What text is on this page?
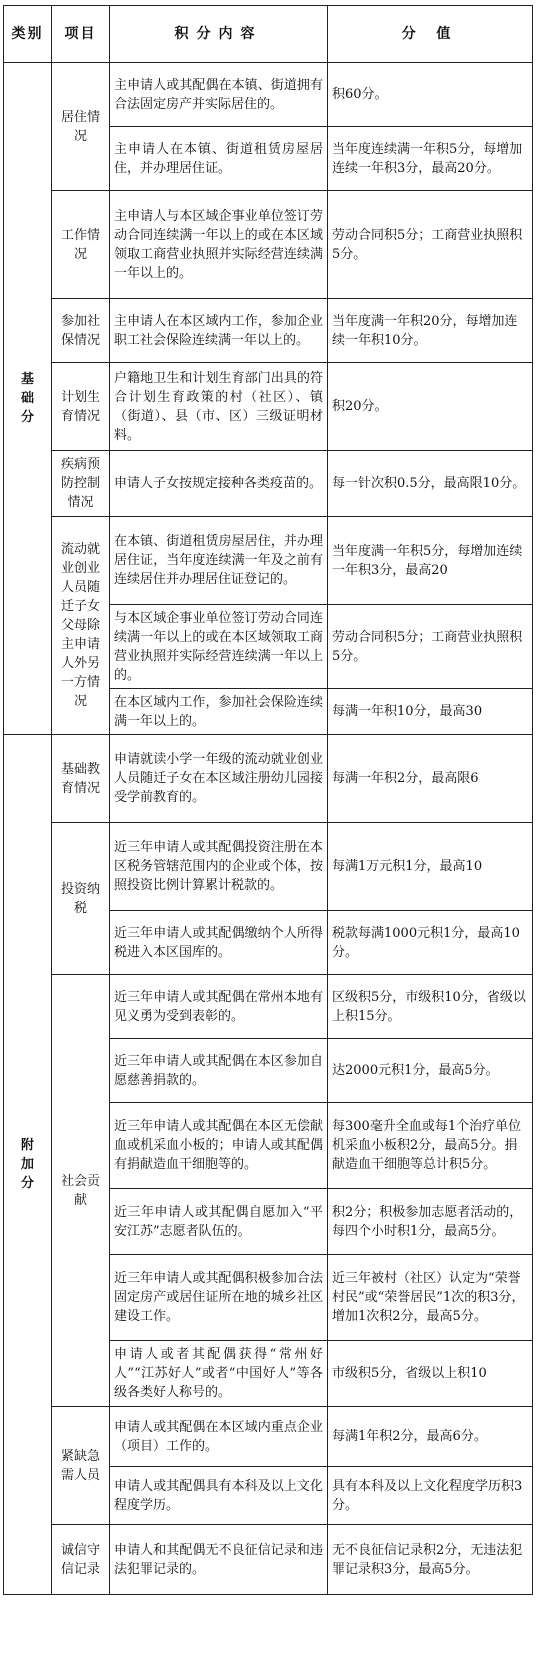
类别	项目	积分内容	分 值
基础分	居住情况	主申请人或其配偶在本镇、街道拥有合法固定房产并实际居住的。	积60分。
		主申请人在本镇、街道租赁房屋居住，并办理居住证。	当年度连续满一年积5分，每增加连续一年积3分，最高20分。
	工作情况	主申请人与本区域企事业单位签订劳动合同连续满一年以上的或在本区域领取工商营业执照并实际经营连续满一年以上的。	劳动合同积5分；工商营业执照积5分。
	参加社保情况	主申请人在本区域内工作，参加企业职工社会保险连续满一年以上的。	当年度满一年积20分，每增加连续一年积10分。
	计划生育情况	户籍地卫生和计划生育部门出具的符合计划生育政策的村（社区）、镇（街道）、县（市、区）三级证明材料。	积20分。
	疾病预防控制情况	申请人子女按规定接种各类疫苗的。	每一针次积0.5分，最高限10分。
	流动就业创业人员随迁子女父母除主申请人外另一方情况	在本镇、街道租赁房屋居住，并办理居住证，当年度连续满一年及之前有连续居住并办理居住证登记的。	当年度满一年积5分，每增加连续一年积3分，最高20
		与本区域企事业单位签订劳动合同连续满一年以上的或在本区域领取工商营业执照并实际经营连续满一年以上的。	劳动合同积5分；工商营业执照积5分。

		在本区域内工作，参加社会保险连续满一年以上的。	每满一年积10分，最高30
附加分	基础教育情况	申请就读小学一年级的流动就业创业人员随迁子女在本区域注册幼儿园接受学前教育的。	每满一年积2分，最高限6
	投资纳税	近三年申请人或其配偶投资注册在本区税务管辖范围内的企业或个体，按照投资比例计算累计税款的。	每满1万元积1分，最高10
		近三年申请人或其配偶缴纳个人所得税进入本区国库的。	税款每满1000元积1分，最高10分。
	社会贡献	近三年申请人或其配偶在常州本地有见义勇为受到表彰的。	区级积5分，市级积10分，省级以上积15分。
		近三年申请人或其配偶在本区参加自愿慈善捐款的。	达2000元积1分，最高5分。
		近三年申请人或其配偶在本区无偿献血或机采血小板的；申请人或其配偶有捐献造血干细胞等的。	每300毫升全血或每1个治疗单位机采血小板积2分，最高5分。捐献造血干细胞等总计积5分。
		近三年申请人或其配偶自愿加入“平安江苏”志愿者队伍的。	积2分；积极参加志愿者活动的，每四个小时积1分，最高5分。
		近三年申请人或其配偶积极参加合法固定房产或居住证所在地的城乡社区建设工作。	近三年被村（社区）认定为“荣誉村民”或“荣誉居民”1次的积3分，增加1次积2分，最高5分。
		申请人或者其配偶获得“常州好人”“江苏好人”或者“中国好人”等各级各类好人称号的。	市级积5分，省级以上积10
	紧缺急需人员	申请人或其配偶在本区域内重点企业（项目）工作的。	每满1年积2分，最高6分。
		申请人或其配偶具有本科及以上文化程度学历。	具有本科及以上文化程度学历积3分。
	诚信守信记录	申请人和其配偶无不良征信记录和违法犯罪记录的。	无不良征信记录积2分，无违法犯罪记录积3分，最高5分。
